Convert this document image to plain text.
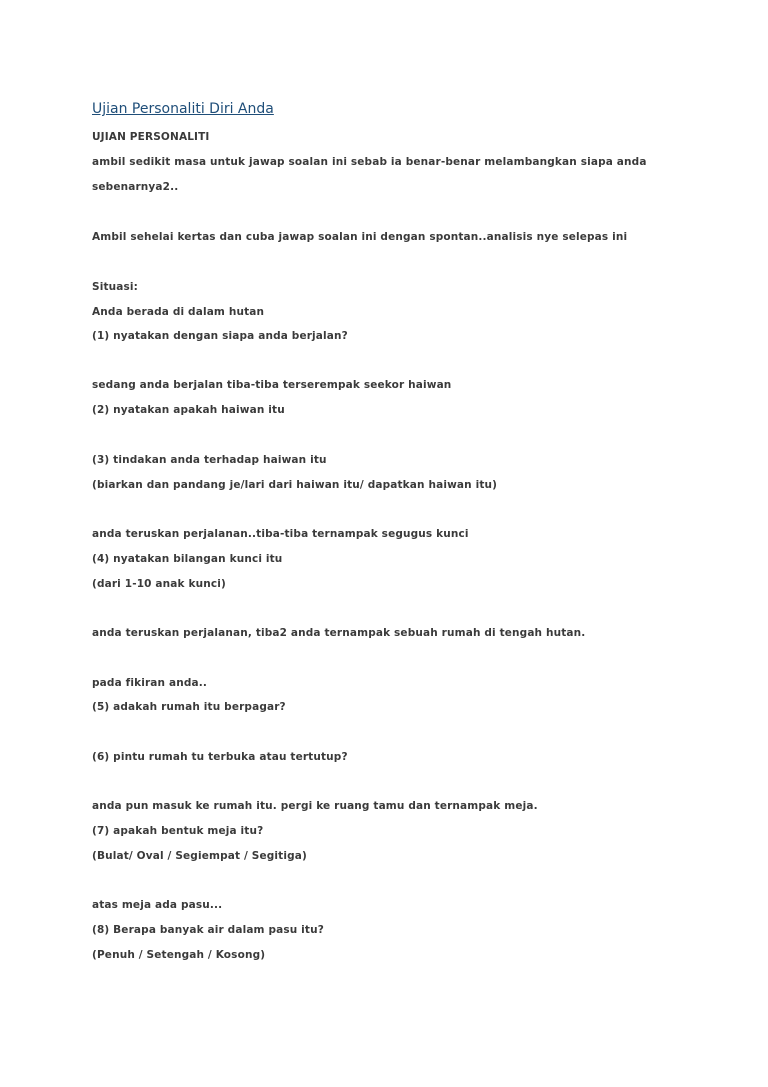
Ujian Personaliti Diri Anda
UJIAN PERSONALITI
ambil sedikit masa untuk jawap soalan ini sebab ia benar-benar melambangkan siapa anda
sebenarnya2..
Ambil sehelai kertas dan cuba jawap soalan ini dengan spontan..analisis nye selepas ini
Situasi:
Anda berada di dalam hutan
(1) nyatakan dengan siapa anda berjalan?
sedang anda berjalan tiba-tiba terserempak seekor haiwan
(2) nyatakan apakah haiwan itu
(3) tindakan anda terhadap haiwan itu
(biarkan dan pandang je/lari dari haiwan itu/ dapatkan haiwan itu)
anda teruskan perjalanan..tiba-tiba ternampak segugus kunci
(4) nyatakan bilangan kunci itu
(dari 1-10 anak kunci)
anda teruskan perjalanan, tiba2 anda ternampak sebuah rumah di tengah hutan.
pada fikiran anda..
(5) adakah rumah itu berpagar?
(6) pintu rumah tu terbuka atau tertutup?
anda pun masuk ke rumah itu. pergi ke ruang tamu dan ternampak meja.
(7) apakah bentuk meja itu?
(Bulat/ Oval / Segiempat / Segitiga)
atas meja ada pasu...
(8) Berapa banyak air dalam pasu itu?
(Penuh / Setengah / Kosong)
